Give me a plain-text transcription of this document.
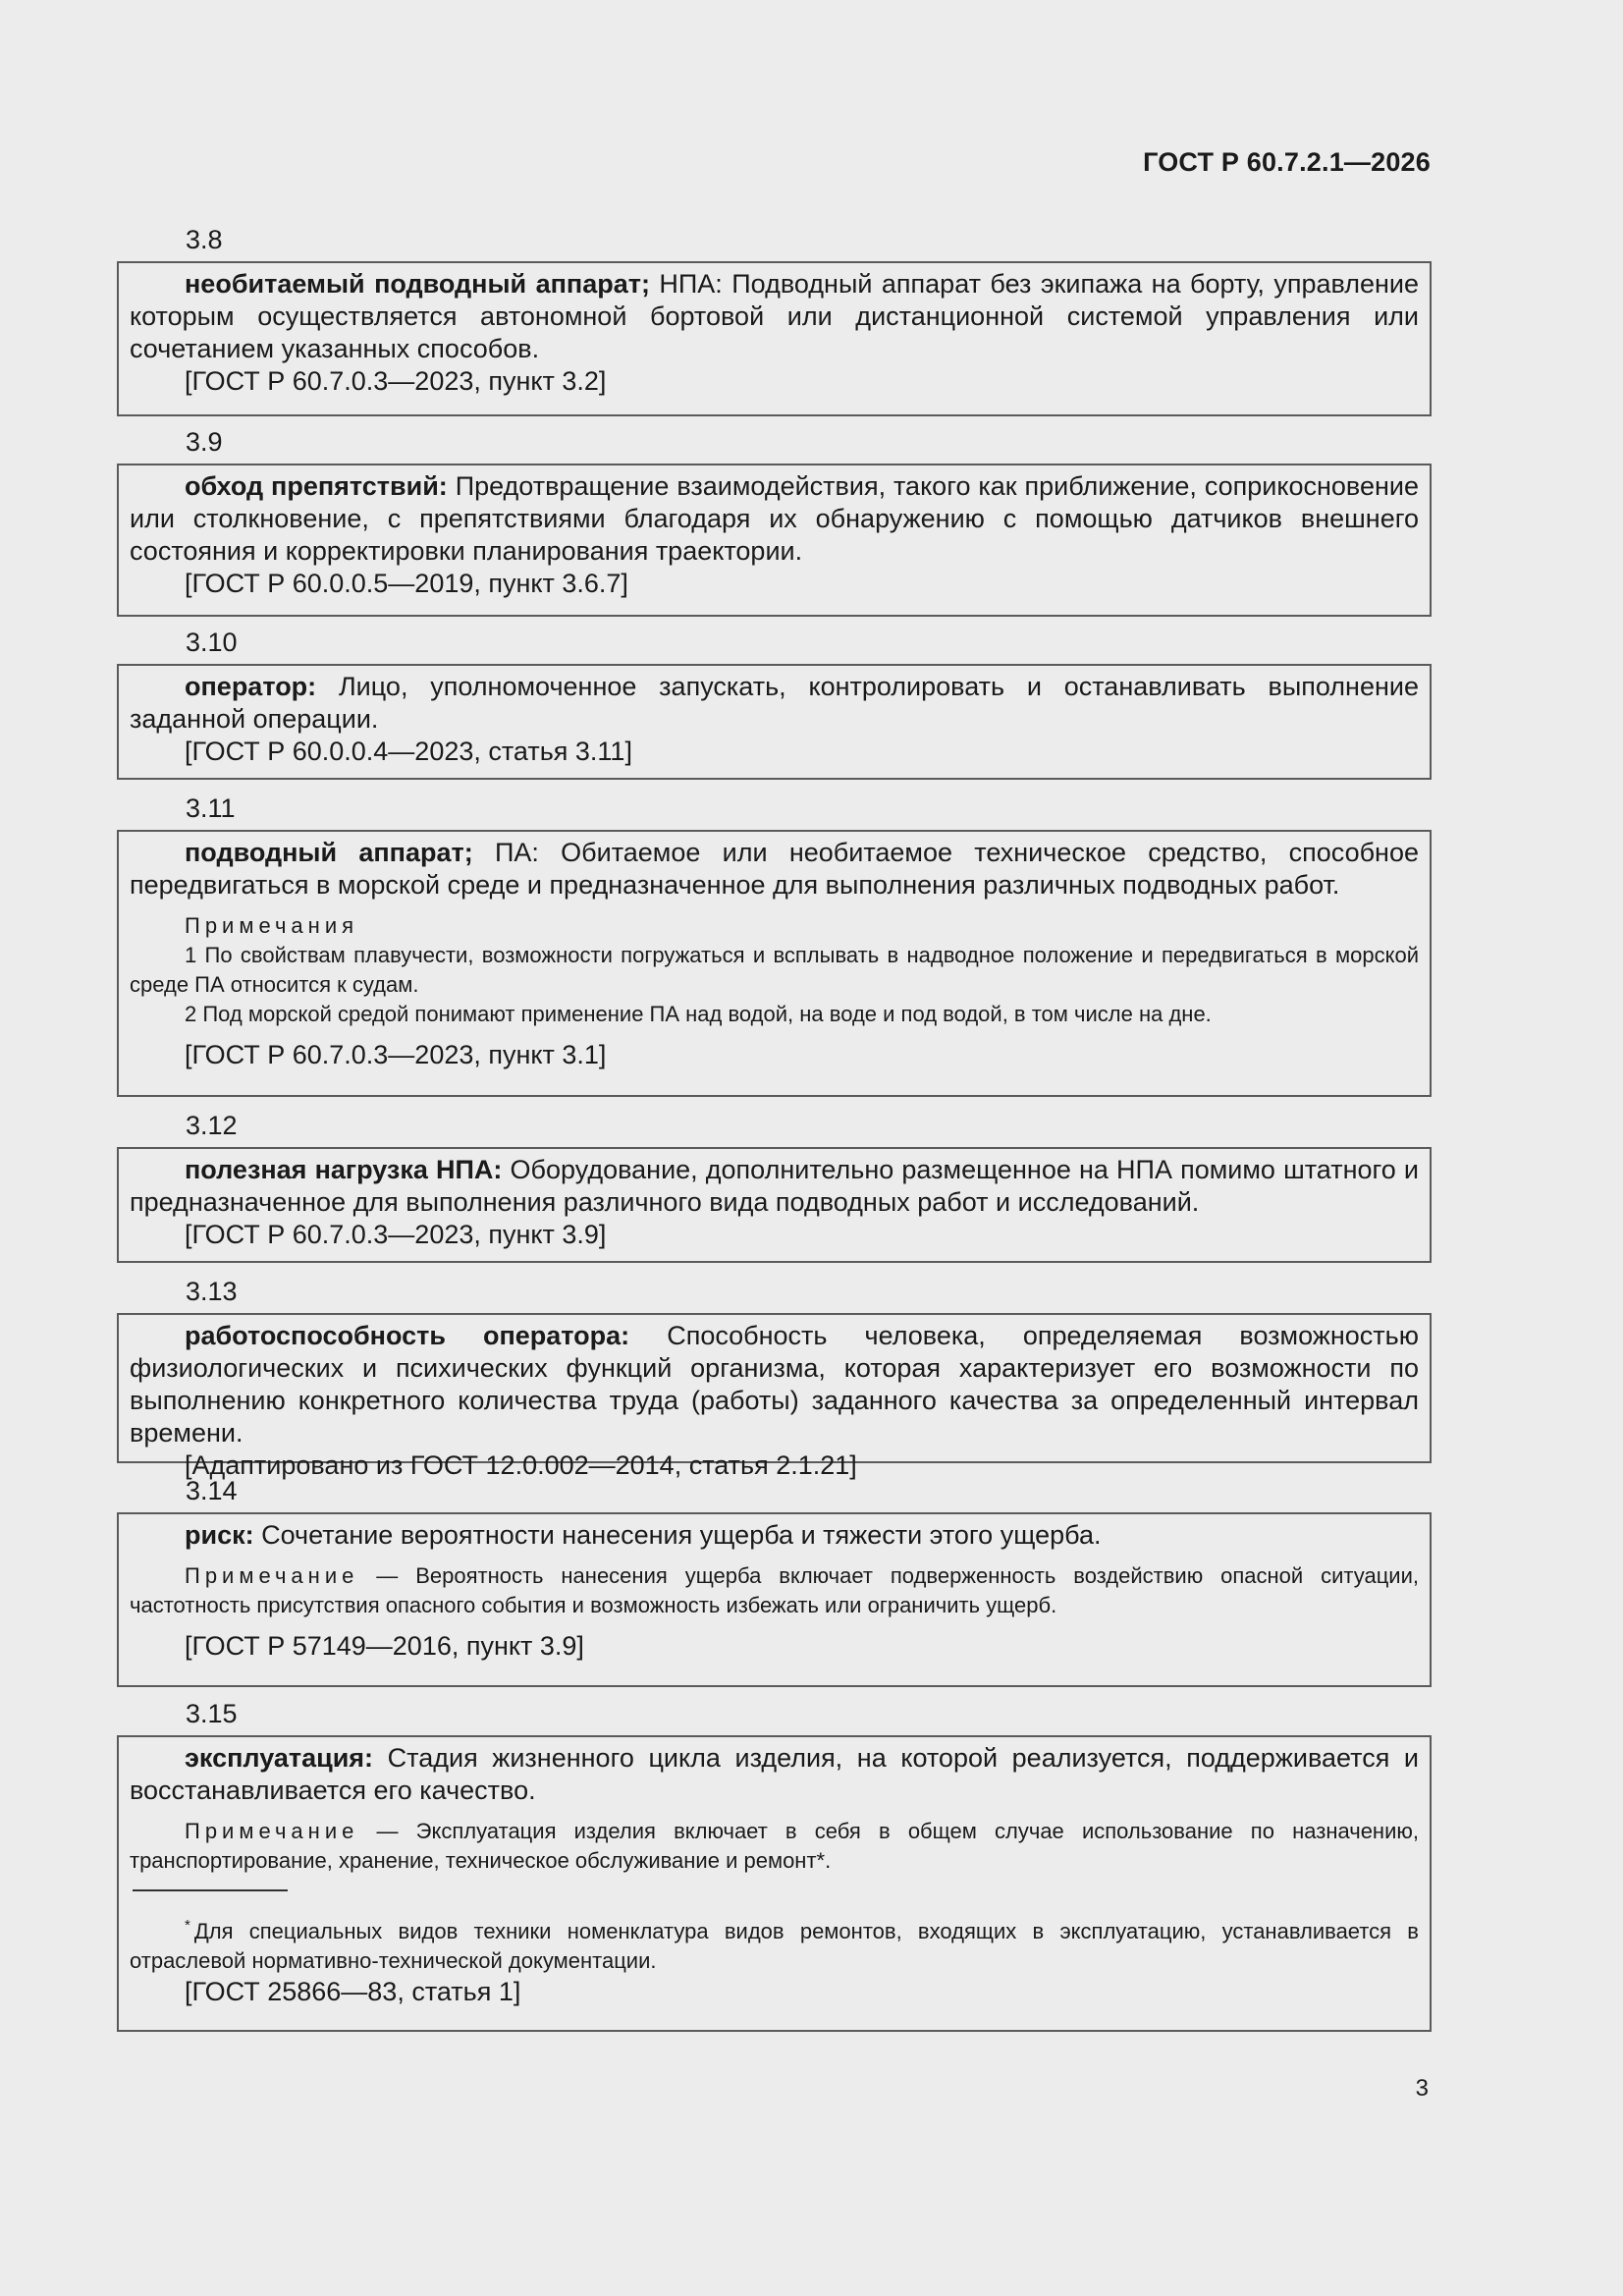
ГОСТ Р 60.7.2.1—2026
3.8

необитаемый подводный аппарат; НПА: Подводный аппарат без экипажа на борту, управление которым осуществляется автономной бортовой или дистанционной системой управления или сочетанием указанных способов.

[ГОСТ Р 60.7.0.3—2023, пункт 3.2]

3.9

обход препятствий: Предотвращение взаимодействия, такого как приближение, соприкосновение или столкновение, с препятствиями благодаря их обнаружению с помощью датчиков внешнего состояния и корректировки планирования траектории.

[ГОСТ Р 60.0.0.5—2019, пункт 3.6.7]

3.10

оператор: Лицо, уполномоченное запускать, контролировать и останавливать выполнение заданной операции.

[ГОСТ Р 60.0.0.4—2023, статья 3.11]

3.11

подводный аппарат; ПА: Обитаемое или необитаемое техническое средство, способное передвигаться в морской среде и предназначенное для выполнения различных подводных работ.

Примечания

1 По свойствам плавучести, возможности погружаться и всплывать в надводное положение и передвигаться в морской среде ПА относится к судам.

2 Под морской средой понимают применение ПА над водой, на воде и под водой, в том числе на дне.

[ГОСТ Р 60.7.0.3—2023, пункт 3.1]

3.12

полезная нагрузка НПА: Оборудование, дополнительно размещенное на НПА помимо штатного и предназначенное для выполнения различного вида подводных работ и исследований.

[ГОСТ Р 60.7.0.3—2023, пункт 3.9]

3.13

работоспособность оператора: Способность человека, определяемая возможностью физиологических и психических функций организма, которая характеризует его возможности по выполнению конкретного количества труда (работы) заданного качества за определенный интервал времени.

[Адаптировано из ГОСТ 12.0.002—2014, статья 2.1.21]

3.14

риск: Сочетание вероятности нанесения ущерба и тяжести этого ущерба.

Примечание — Вероятность нанесения ущерба включает подверженность воздействию опасной ситуации, частотность присутствия опасного события и возможность избежать или ограничить ущерб.

[ГОСТ Р 57149—2016, пункт 3.9]

3.15

эксплуатация: Стадия жизненного цикла изделия, на которой реализуется, поддерживается и восстанавливается его качество.

Примечание — Эксплуатация изделия включает в себя в общем случае использование по назначению, транспортирование, хранение, техническое обслуживание и ремонт*.

* Для специальных видов техники номенклатура видов ремонтов, входящих в эксплуатацию, устанавливается в отраслевой нормативно-технической документации.

[ГОСТ 25866—83, статья 1]

3
